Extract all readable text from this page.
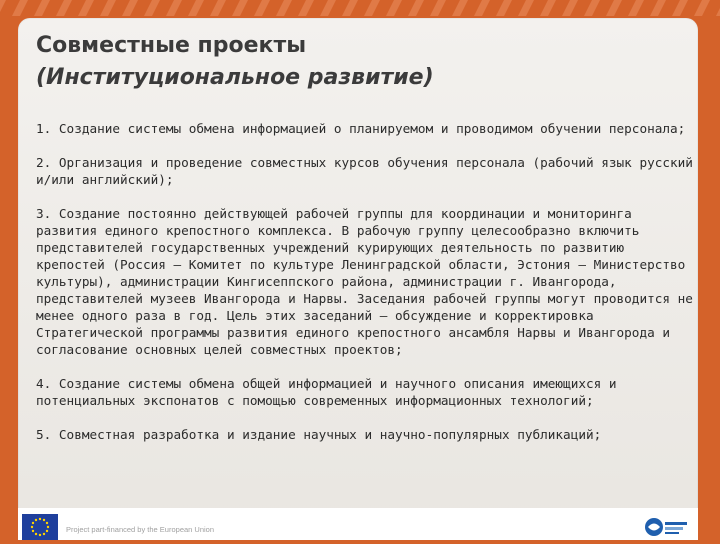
Совместные проекты
(Институциональное развитие)
1. Создание системы обмена информацией о планируемом и проводимом обучении персонала;
2. Организация и проведение совместных курсов обучения персонала (рабочий язык русский и/или английский);
3. Создание постоянно действующей рабочей группы для координации и мониторинга развития единого крепостного комплекса. В рабочую группу целесообразно включить представителей государственных учреждений курирующих деятельность по развитию крепостей (Россия – Комитет по культуре Ленинградской области, Эстония – Министерство культуры), администрации Кингисеппского района, администрации г. Ивангорода, представителей музеев Ивангорода и Нарвы. Заседания рабочей группы могут проводится не менее одного раза в год. Цель этих заседаний – обсуждение и корректировка Стратегической программы развития единого крепостного ансамбля Нарвы и Ивангорода и согласование основных целей совместных проектов;
4. Создание системы обмена общей информацией и научного описания имеющихся и потенциальных экспонатов с помощью современных информационных технологий;
5. Совместная разработка и издание научных и научно-популярных публикаций;
Project part-financed by the European Union
